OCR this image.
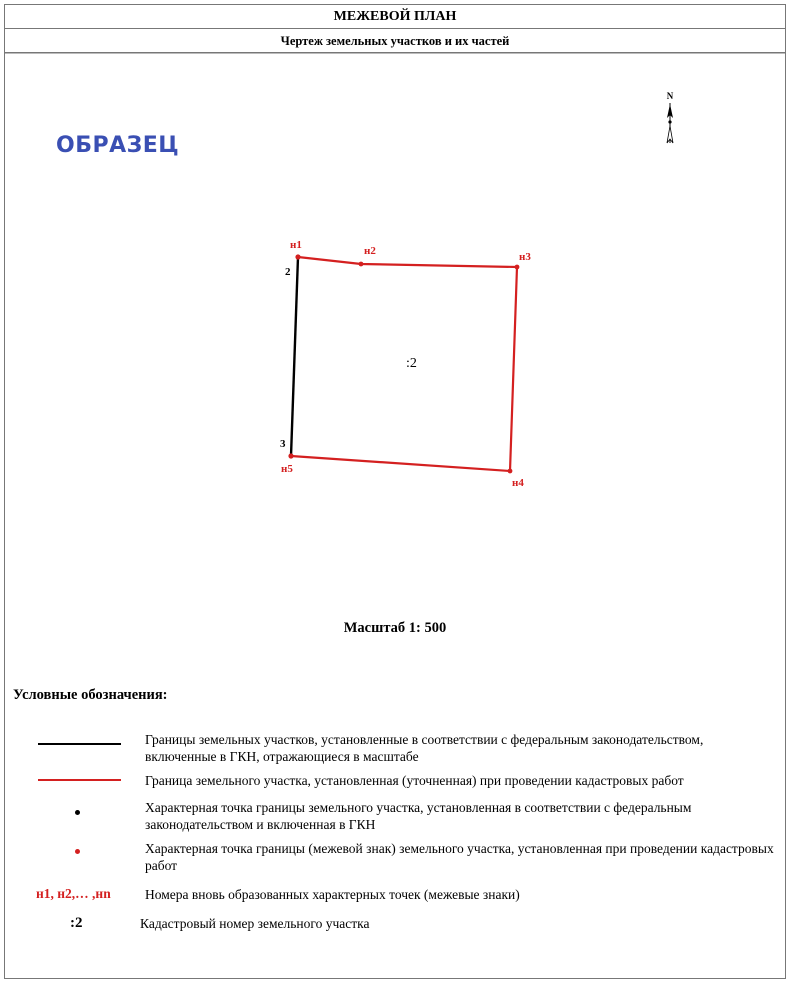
МЕЖЕВОЙ ПЛАН
Чертеж земельных участков и их частей
N
ОБРАЗЕЦ
н1	н2	н3
н4
н5
2
3
:2
Масштаб 1: 500
Условные обозначения:
Границы земельных участков, установленные в соответствии с федеральным законодательством, включенные в ГКН, отражающиеся в масштабе
Граница земельного участка, установленная (уточненная) при проведении кадастровых работ
Характерная точка границы земельного участка, установленная в соответствии с федеральным законодательством и включенная в ГКН
Характерная точка границы (межевой знак) земельного участка, установленная при проведении кадастровых работ
н1, н2,… ,нn	Номера вновь образованных характерных точек (межевые знаки)
:2	Кадастровый номер земельного участка
